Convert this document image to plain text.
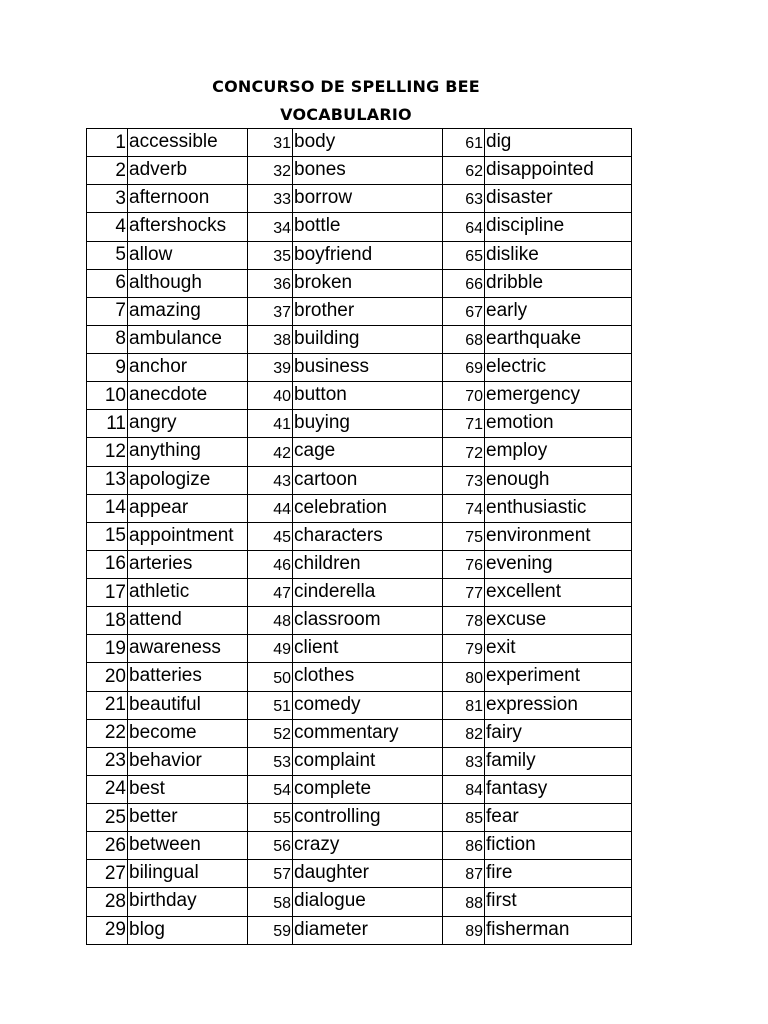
CONCURSO DE SPELLING BEE
VOCABULARIO
1	accessible	31	body	61	dig
2	adverb	32	bones	62	disappointed
3	afternoon	33	borrow	63	disaster
4	aftershocks	34	bottle	64	discipline
5	allow	35	boyfriend	65	dislike
6	although	36	broken	66	dribble
7	amazing	37	brother	67	early
8	ambulance	38	building	68	earthquake
9	anchor	39	business	69	electric
10	anecdote	40	button	70	emergency
11	angry	41	buying	71	emotion
12	anything	42	cage	72	employ
13	apologize	43	cartoon	73	enough
14	appear	44	celebration	74	enthusiastic
15	appointment	45	characters	75	environment
16	arteries	46	children	76	evening
17	athletic	47	cinderella	77	excellent
18	attend	48	classroom	78	excuse
19	awareness	49	client	79	exit
20	batteries	50	clothes	80	experiment
21	beautiful	51	comedy	81	expression
22	become	52	commentary	82	fairy
23	behavior	53	complaint	83	family
24	best	54	complete	84	fantasy
25	better	55	controlling	85	fear
26	between	56	crazy	86	fiction
27	bilingual	57	daughter	87	fire
28	birthday	58	dialogue	88	first
29	blog	59	diameter	89	fisherman
